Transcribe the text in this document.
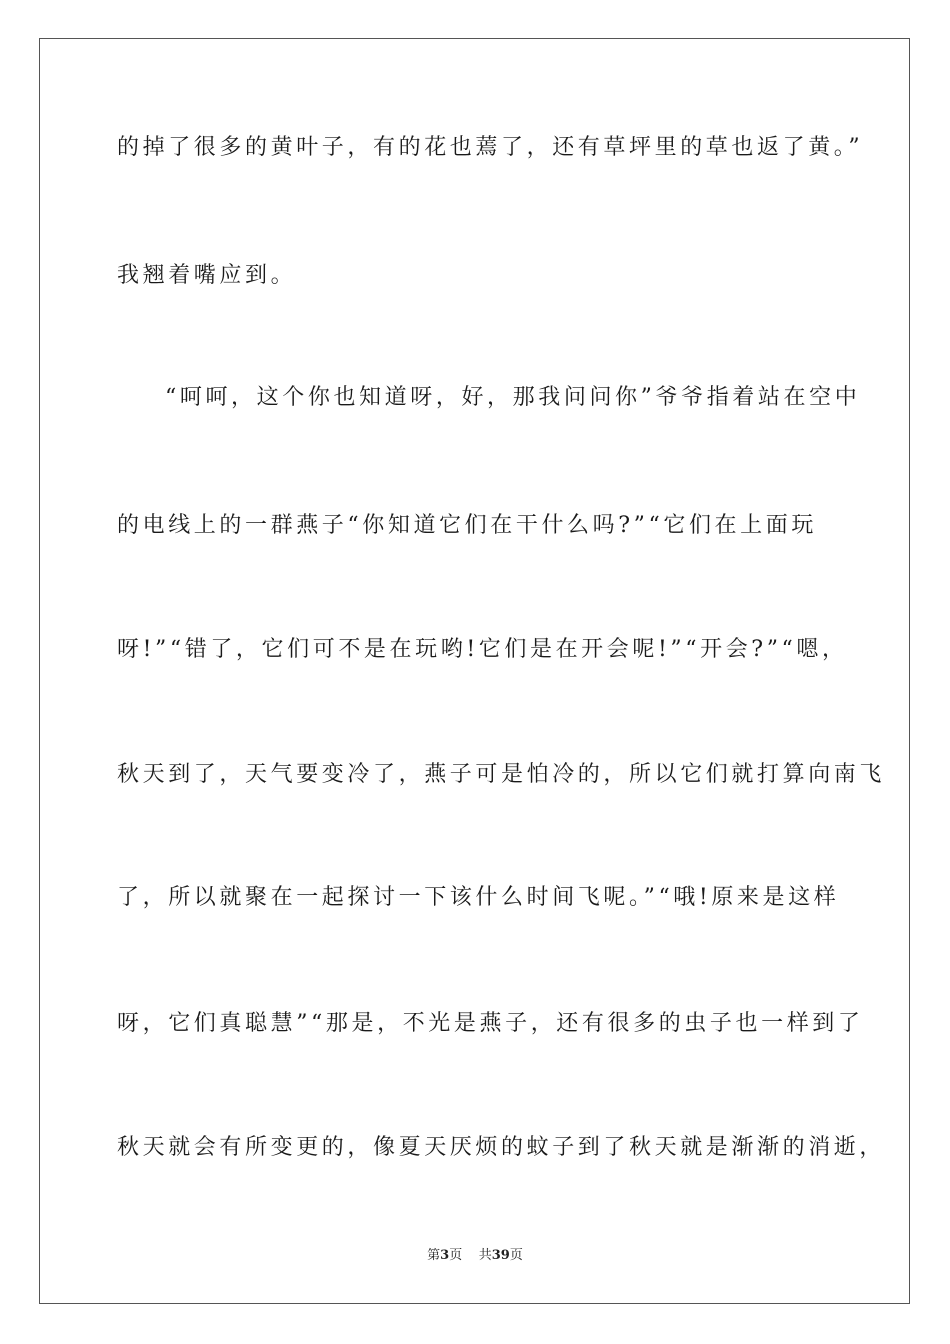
的掉了很多的黄叶子，有的花也蔫了，还有草坪里的草也返了黄。”
我翘着嘴应到。
“呵呵，这个你也知道呀，好，那我问问你”爷爷指着站在空中
的电线上的一群燕子“你知道它们在干什么吗?”“它们在上面玩
呀!”“错了，它们可不是在玩哟!它们是在开会呢!”“开会?”“嗯，
秋天到了，天气要变冷了，燕子可是怕冷的，所以它们就打算向南飞
了，所以就聚在一起探讨一下该什么时间飞呢。”“哦!原来是这样
呀，它们真聪慧”“那是，不光是燕子，还有很多的虫子也一样到了
秋天就会有所变更的，像夏天厌烦的蚊子到了秋天就是渐渐的消逝，
第3页 共39页
